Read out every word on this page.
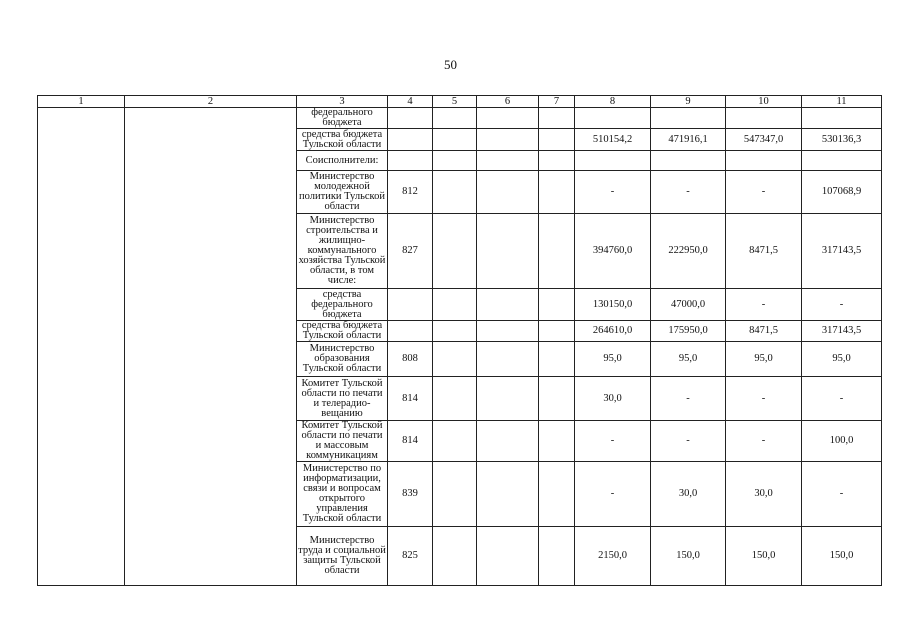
50
1	2	3	4	5	6	7	8	9	10	11
		федерального бюджета								
		средства бюджета Тульской области					510154,2	471916,1	547347,0	530136,3
		Соисполнители:								
		Министерство молодежной политики Тульской области	812				-	-	-	107068,9
		Министерство строительства и жилищно-коммунального хозяйства Тульской области, в том числе:	827				394760,0	222950,0	8471,5	317143,5
		средства федерального бюджета					130150,0	47000,0	-	-
		средства бюджета Тульской области					264610,0	175950,0	8471,5	317143,5
		Министерство образования Тульской области	808				95,0	95,0	95,0	95,0
		Комитет Тульской области по печати и телерадио-вещанию	814				30,0	-	-	-
		Комитет Тульской области по печати и массовым коммуникациям	814				-	-	-	100,0
		Министерство по информатизации, связи и вопросам открытого управления Тульской области	839				-	30,0	30,0	-
		Министерство труда и социальной защиты Тульской области	825				2150,0	150,0	150,0	150,0
